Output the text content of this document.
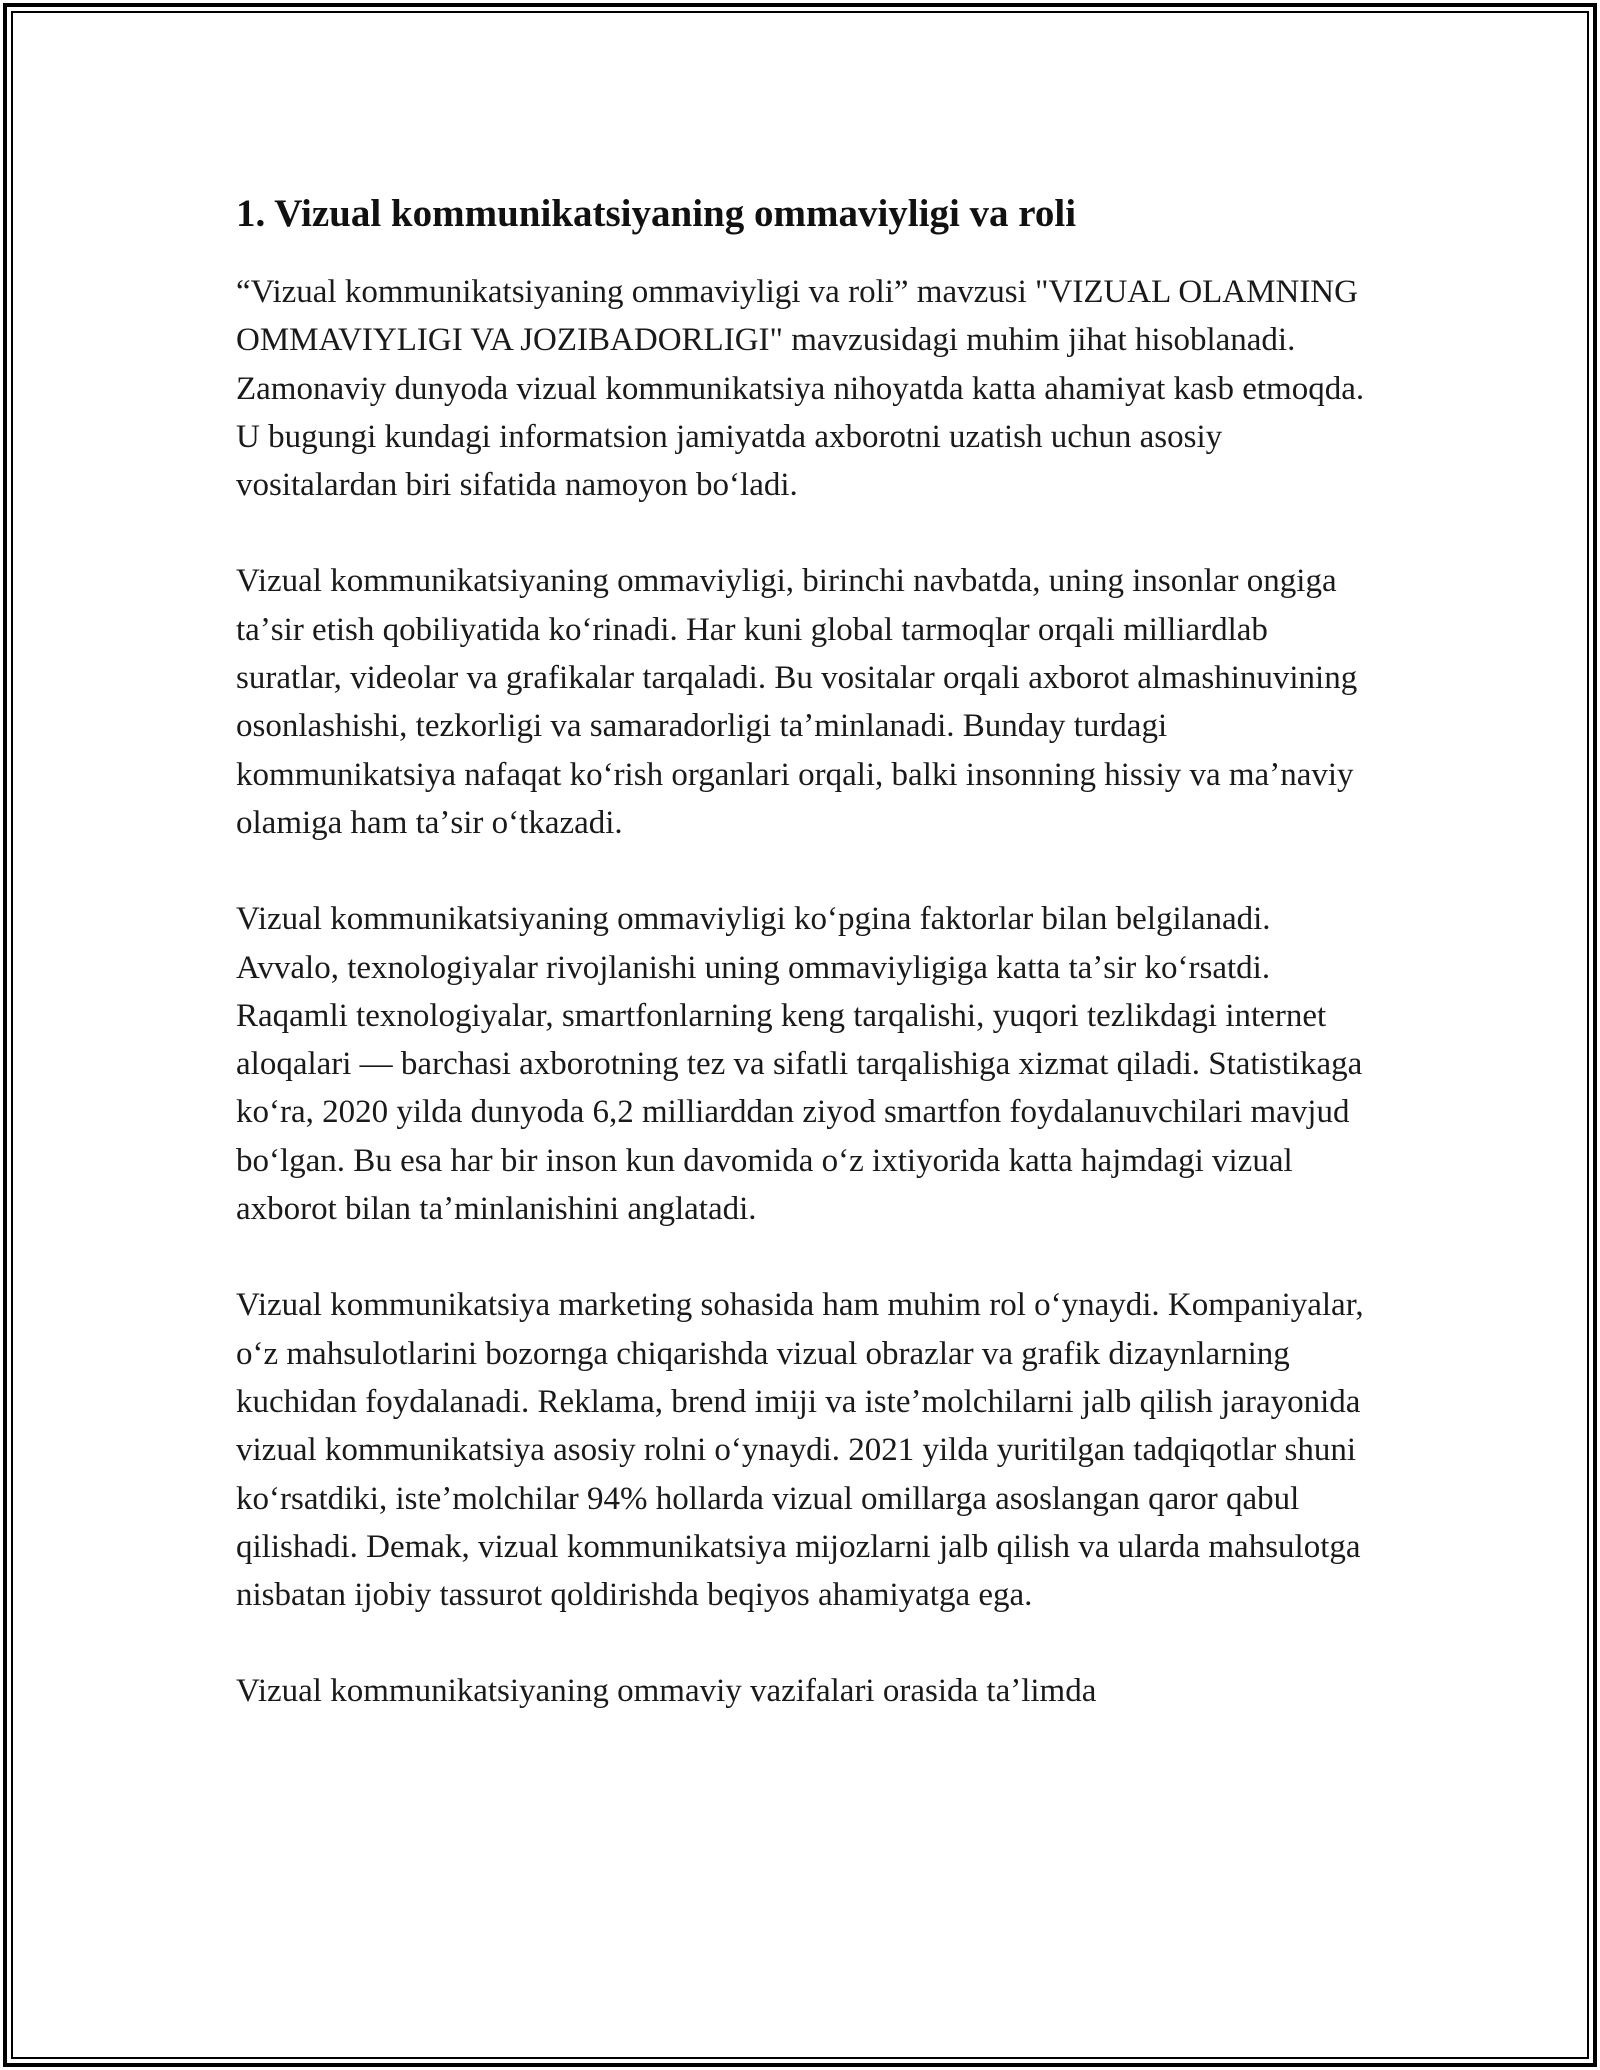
1. Vizual kommunikatsiyaning ommaviyligi va roli

“Vizual kommunikatsiyaning ommaviyligi va roli” mavzusi "VIZUAL OLAMNING OMMAVIYLIGI VA JOZIBADORLIGI" mavzusidagi muhim jihat hisoblanadi. Zamonaviy dunyoda vizual kommunikatsiya nihoyatda katta ahamiyat kasb etmoqda. U bugungi kundagi informatsion jamiyatda axborotni uzatish uchun asosiy vositalardan biri sifatida namoyon boʻladi.

Vizual kommunikatsiyaning ommaviyligi, birinchi navbatda, uning insonlar ongiga taʼsir etish qobiliyatida koʻrinadi. Har kuni global tarmoqlar orqali milliardlab suratlar, videolar va grafikalar tarqaladi. Bu vositalar orqali axborot almashinuvining osonlashishi, tezkorligi va samaradorligi taʼminlanadi. Bunday turdagi kommunikatsiya nafaqat koʻrish organlari orqali, balki insonning hissiy va maʼnaviy olamiga ham taʼsir oʻtkazadi.

Vizual kommunikatsiyaning ommaviyligi koʻpgina faktorlar bilan belgilanadi. Avvalo, texnologiyalar rivojlanishi uning ommaviyligiga katta taʼsir koʻrsatdi. Raqamli texnologiyalar, smartfonlarning keng tarqalishi, yuqori tezlikdagi internet aloqalari — barchasi axborotning tez va sifatli tarqalishiga xizmat qiladi. Statistikaga koʻra, 2020 yilda dunyoda 6,2 milliarddan ziyod smartfon foydalanuvchilari mavjud boʻlgan. Bu esa har bir inson kun davomida oʻz ixtiyorida katta hajmdagi vizual axborot bilan taʼminlanishini anglatadi.

Vizual kommunikatsiya marketing sohasida ham muhim rol oʻynaydi. Kompaniyalar, oʻz mahsulotlarini bozornga chiqarishda vizual obrazlar va grafik dizaynlarning kuchidan foydalanadi. Reklama, brend imiji va isteʼmolchilarni jalb qilish jarayonida vizual kommunikatsiya asosiy rolni oʻynaydi. 2021 yilda yuritilgan tadqiqotlar shuni koʻrsatdiki, isteʼmolchilar 94% hollarda vizual omillarga asoslangan qaror qabul qilishadi. Demak, vizual kommunikatsiya mijozlarni jalb qilish va ularda mahsulotga nisbatan ijobiy tassurot qoldirishda beqiyos ahamiyatga ega.

Vizual kommunikatsiyaning ommaviy vazifalari orasida taʼlimda
